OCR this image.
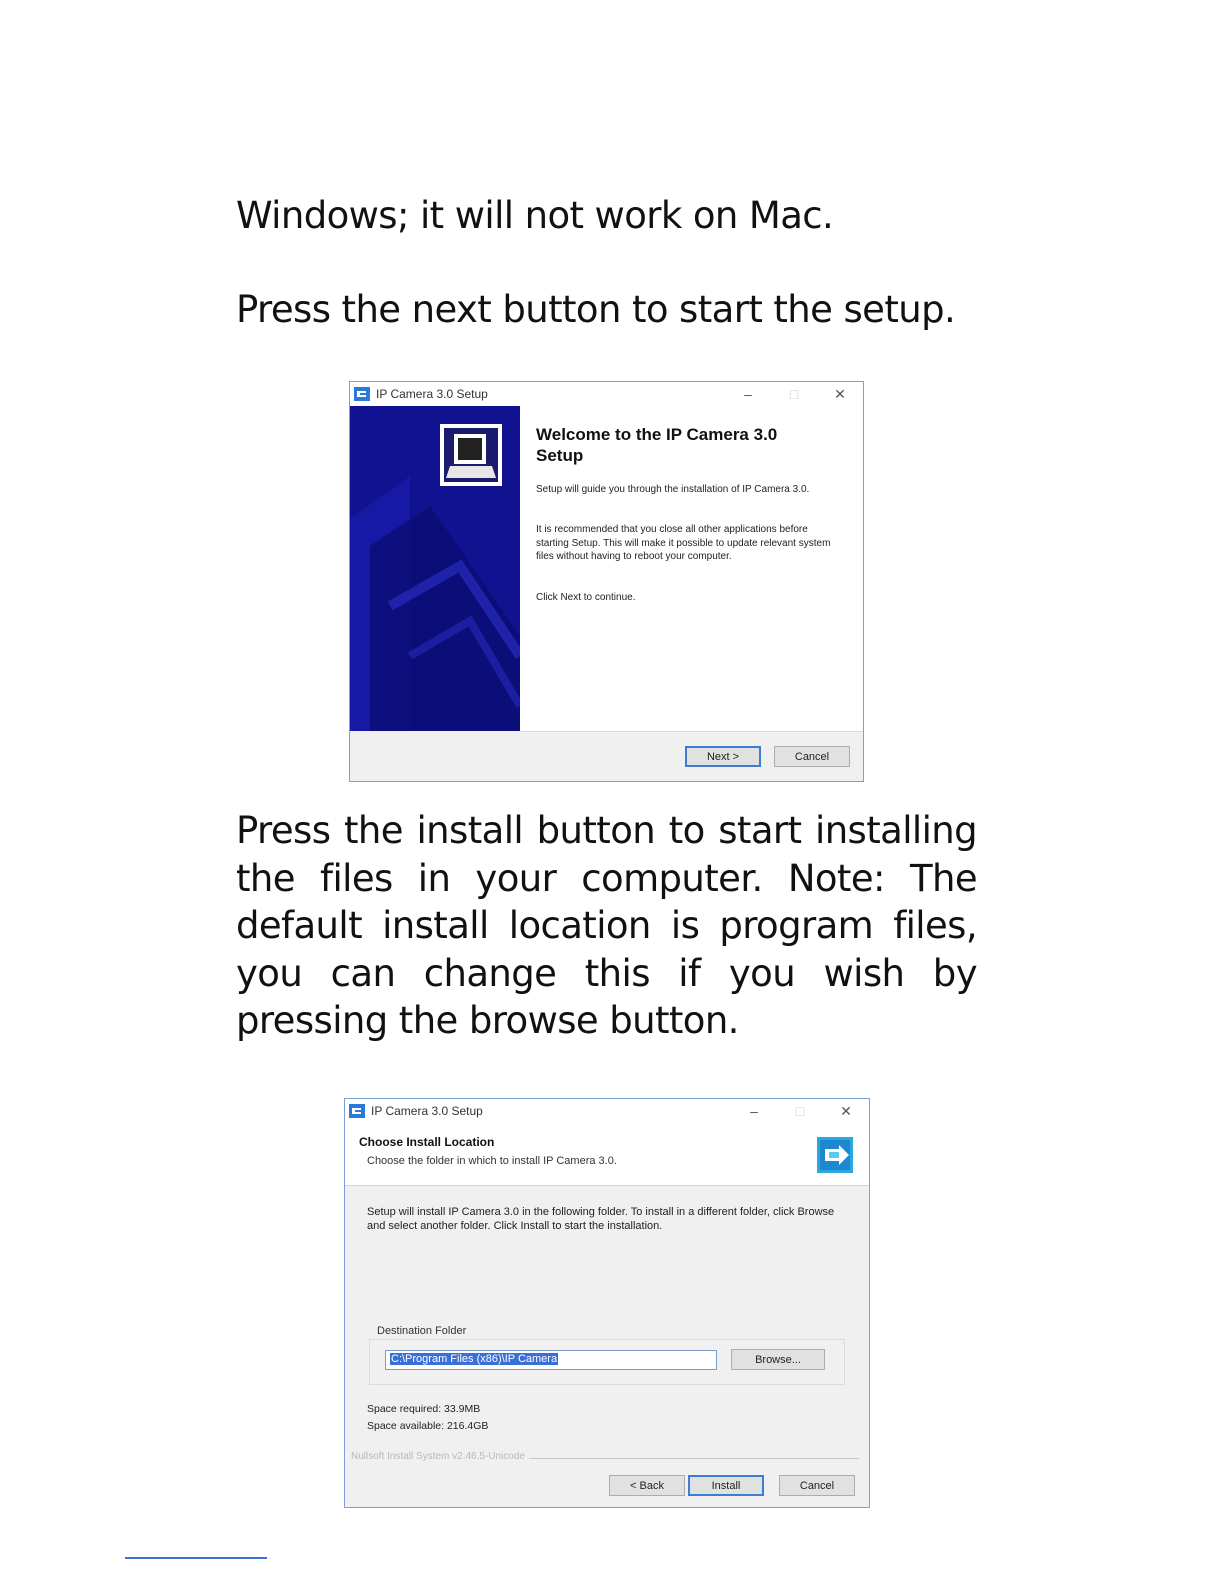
Windows; it will not work on Mac.

Press the next button to start the setup.

IP Camera 3.0 Setup	–	□	✕
Welcome to the IP Camera 3.0 Setup
Setup will guide you through the installation of IP Camera 3.0.
It is recommended that you close all other applications before starting Setup. This will make it possible to update relevant system files without having to reboot your computer.
Click Next to continue.
Next >	Cancel

Press the install button to start installing the files in your computer. Note: The default install location is program files, you can change this if you wish by pressing the browse button.

IP Camera 3.0 Setup	–	□	✕
Choose Install Location
Choose the folder in which to install IP Camera 3.0.
Setup will install IP Camera 3.0 in the following folder. To install in a different folder, click Browse and select another folder. Click Install to start the installation.
Destination Folder
C:\Program Files (x86)\IP Camera	Browse...
Space required: 33.9MB
Space available: 216.4GB
Nullsoft Install System v2.46.5-Unicode
< Back	Install	Cancel
